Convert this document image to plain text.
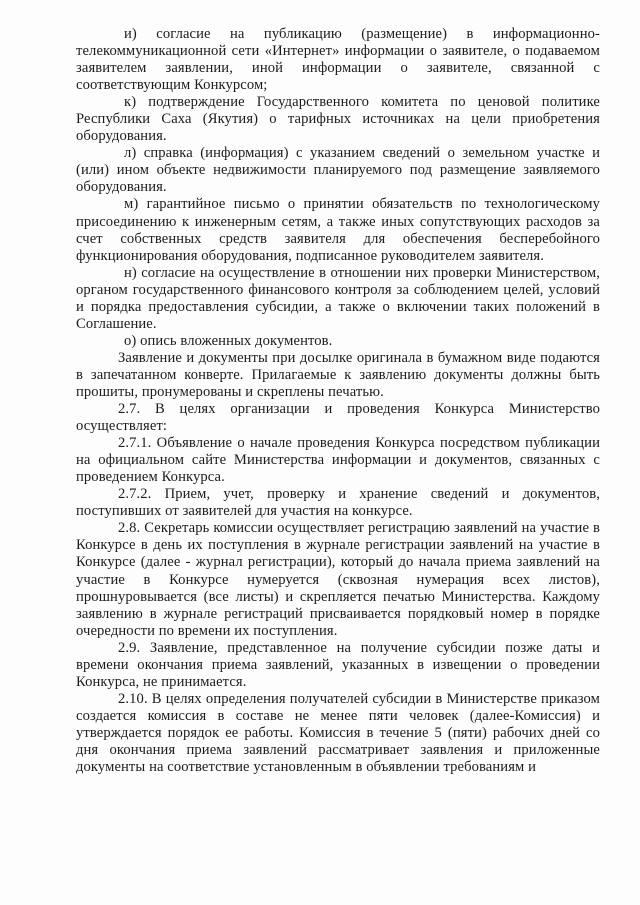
и) согласие на публикацию (размещение) в информационно-телекоммуникационной сети «Интернет» информации о заявителе, о подаваемом заявителем заявлении, иной информации о заявителе, связанной с соответствующим Конкурсом;

к) подтверждение Государственного комитета по ценовой политике Республики Саха (Якутия) о тарифных источниках на цели приобретения оборудования.

л) справка (информация) с указанием сведений о земельном участке и (или) ином объекте недвижимости планируемого под размещение заявляемого оборудования.

м) гарантийное письмо о принятии обязательств по технологическому присоединению к инженерным сетям, а также иных сопутствующих расходов за счет собственных средств заявителя для обеспечения бесперебойного функционирования оборудования, подписанное руководителем заявителя.

н) согласие на осуществление в отношении них проверки Министерством, органом государственного финансового контроля за соблюдением целей, условий и порядка предоставления субсидии, а также о включении таких положений в Соглашение.

о) опись вложенных документов.

Заявление и документы при досылке оригинала в бумажном виде подаются в запечатанном конверте. Прилагаемые к заявлению документы должны быть прошиты, пронумерованы и скреплены печатью.

2.7. В целях организации и проведения Конкурса Министерство осуществляет:

2.7.1. Объявление о начале проведения Конкурса посредством публикации на официальном сайте Министерства информации и документов, связанных с проведением Конкурса.

2.7.2. Прием, учет, проверку и хранение сведений и документов, поступивших от заявителей для участия на конкурсе.

2.8. Секретарь комиссии осуществляет регистрацию заявлений на участие в Конкурсе в день их поступления в журнале регистрации заявлений на участие в Конкурсе (далее - журнал регистрации), который до начала приема заявлений на участие в Конкурсе нумеруется (сквозная нумерация всех листов), прошнуровывается (все листы) и скрепляется печатью Министерства. Каждому заявлению в журнале регистраций присваивается порядковый номер в порядке очередности по времени их поступления.

2.9. Заявление, представленное на получение субсидии позже даты и времени окончания приема заявлений, указанных в извещении о проведении Конкурса, не принимается.

2.10. В целях определения получателей субсидии в Министерстве приказом создается комиссия в составе не менее пяти человек (далее-Комиссия) и утверждается порядок ее работы. Комиссия в течение 5 (пяти) рабочих дней со дня окончания приема заявлений рассматривает заявления и приложенные документы на соответствие установленным в объявлении требованиям и
